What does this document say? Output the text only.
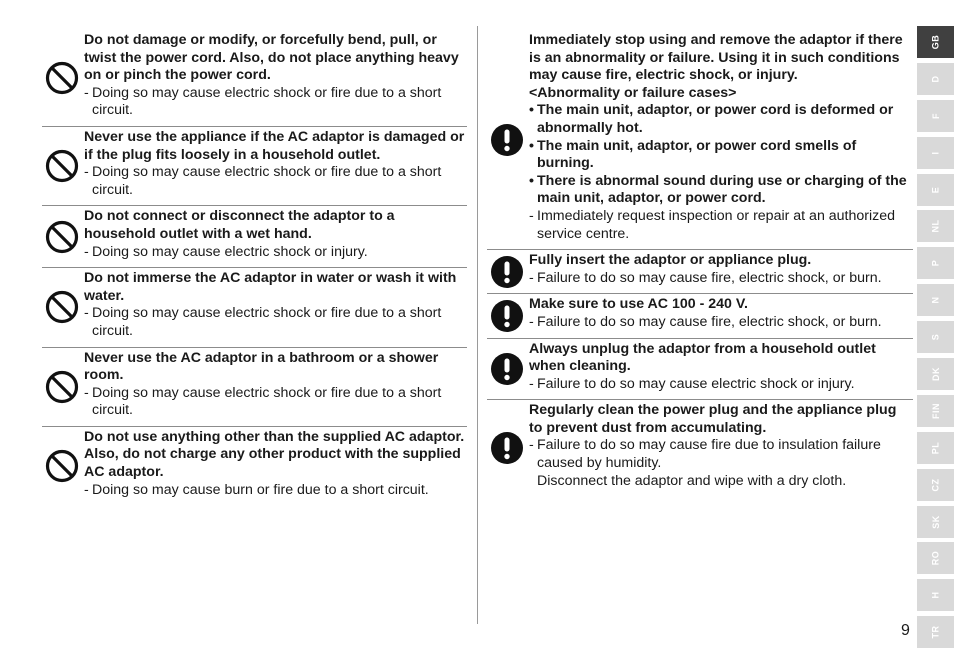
Do not damage or modify, or forcefully bend, pull, or twist the power cord. Also, do not place anything heavy on or pinch the power cord.

- Doing so may cause electric shock or fire due to a short circuit.

Never use the appliance if the AC adaptor is damaged or if the plug fits loosely in a household outlet.

- Doing so may cause electric shock or fire due to a short circuit.

Do not connect or disconnect the adaptor to a household outlet with a wet hand.

- Doing so may cause electric shock or injury.

Do not immerse the AC adaptor in water or wash it with water.

- Doing so may cause electric shock or fire due to a short circuit.

Never use the AC adaptor in a bathroom or a shower room.

- Doing so may cause electric shock or fire due to a short circuit.

Do not use anything other than the supplied AC adaptor. Also, do not charge any other product with the supplied AC adaptor.

- Doing so may cause burn or fire due to a short circuit.

Immediately stop using and remove the adaptor if there is an abnormality or failure. Using it in such conditions may cause fire, electric shock, or injury.

<Abnormality or failure cases>

• The main unit, adaptor, or power cord is deformed or abnormally hot.

• The main unit, adaptor, or power cord smells of burning.

• There is abnormal sound during use or charging of the main unit, adaptor, or power cord.

- Immediately request inspection or repair at an authorized service centre.

Fully insert the adaptor or appliance plug.

- Failure to do so may cause fire, electric shock, or burn.

Make sure to use AC 100 - 240 V.

- Failure to do so may cause fire, electric shock, or burn.

Always unplug the adaptor from a household outlet when cleaning.

- Failure to do so may cause electric shock or injury.

Regularly clean the power plug and the appliance plug to prevent dust from accumulating.

- Failure to do so may cause fire due to insulation failure caused by humidity.

Disconnect the adaptor and wipe with a dry cloth.

GB
D
F
I
E
NL
P
N
S
DK
FIN
PL
CZ
SK
RO
H
TR
9
